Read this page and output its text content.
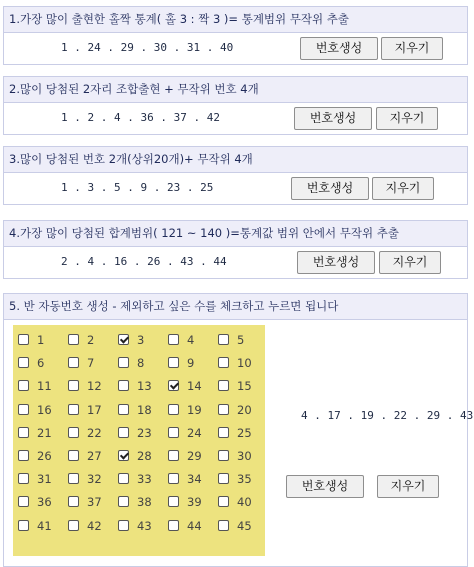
1.가장 많이 출현한 홀짝 통계( 홀 3 : 짝 3 )= 통계범위 무작위 추출
1 . 24 . 29 . 30 . 31 . 40	번호생성	지우기
2.많이 당첨된 2자리 조합출현 + 무작위 번호 4개
1 . 2 . 4 . 36 . 37 . 42	번호생성	지우기
3.많이 당첨된 번호 2개(상위20개)+ 무작위 4개
1 . 3 . 5 . 9 . 23 . 25	번호생성	지우기
4.가장 많이 당첨된 합계범위( 121 ~ 140 )=통계값 범위 안에서 무작위 추출
2 . 4 . 16 . 26 . 43 . 44	번호생성	지우기
5. 반 자동번호 생성 - 제외하고 싶은 수를 체크하고 누르면 됩니다
1	2	3	4	5
6	7	8	9	10
11	12	13	14	15
16	17	18	19	20
21	22	23	24	25
26	27	28	29	30
31	32	33	34	35
36	37	38	39	40
41	42	43	44	45
4 . 17 . 19 . 22 . 29 . 43
번호생성	지우기
